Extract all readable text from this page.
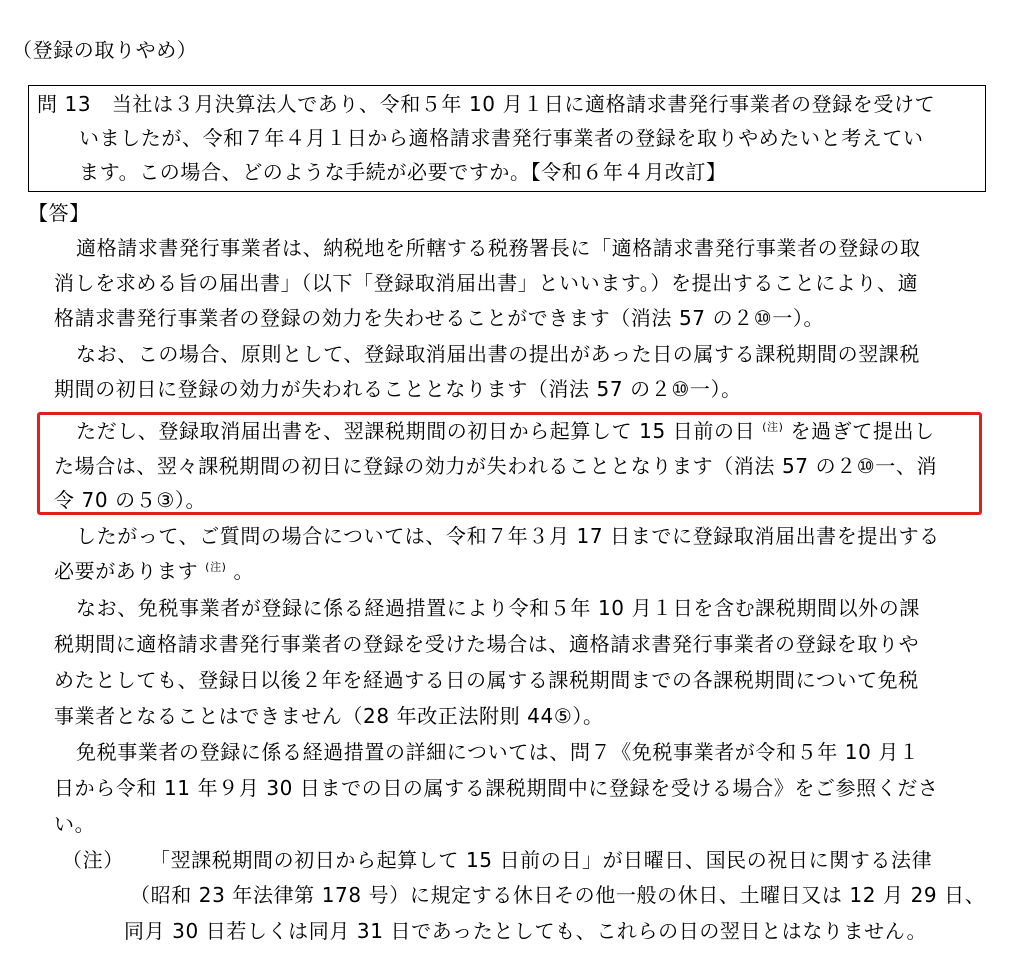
（登録の取りやめ）
問 13　当社は３月決算法人であり、令和５年 10 月１日に適格請求書発行事業者の登録を受けて
いましたが、令和７年４月１日から適格請求書発行事業者の登録を取りやめたいと考えてい
ます。この場合、どのような手続が必要ですか。【令和６年４月改訂】
【答】
適格請求書発行事業者は、納税地を所轄する税務署長に「適格請求書発行事業者の登録の取
消しを求める旨の届出書」（以下「登録取消届出書」といいます。）を提出することにより、適
格請求書発行事業者の登録の効力を失わせることができます（消法 57 の２⑩一）。
なお、この場合、原則として、登録取消届出書の提出があった日の属する課税期間の翌課税
期間の初日に登録の効力が失われることとなります（消法 57 の２⑩一）。
ただし、登録取消届出書を、翌課税期間の初日から起算して 15 日前の日 $^{(注)}$ を過ぎて提出し
た場合は、翌々課税期間の初日に登録の効力が失われることとなります（消法 57 の２⑩一、消
令 70 の５③）。
したがって、ご質問の場合については、令和７年３月 17 日までに登録取消届出書を提出する
必要があります $^{(注)}$ 。
なお、免税事業者が登録に係る経過措置により令和５年 10 月１日を含む課税期間以外の課
税期間に適格請求書発行事業者の登録を受けた場合は、適格請求書発行事業者の登録を取りや
めたとしても、登録日以後２年を経過する日の属する課税期間までの各課税期間について免税
事業者となることはできません（28 年改正法附則 44⑤）。
免税事業者の登録に係る経過措置の詳細については、問７《免税事業者が令和５年 10 月１
日から令和 11 年９月 30 日までの日の属する課税期間中に登録を受ける場合》をご参照くださ
い。
（注） 「翌課税期間の初日から起算して 15 日前の日」が日曜日、国民の祝日に関する法律
（昭和 23 年法律第 178 号）に規定する休日その他一般の休日、土曜日又は 12 月 29 日、
同月 30 日若しくは同月 31 日であったとしても、これらの日の翌日とはなりません。
